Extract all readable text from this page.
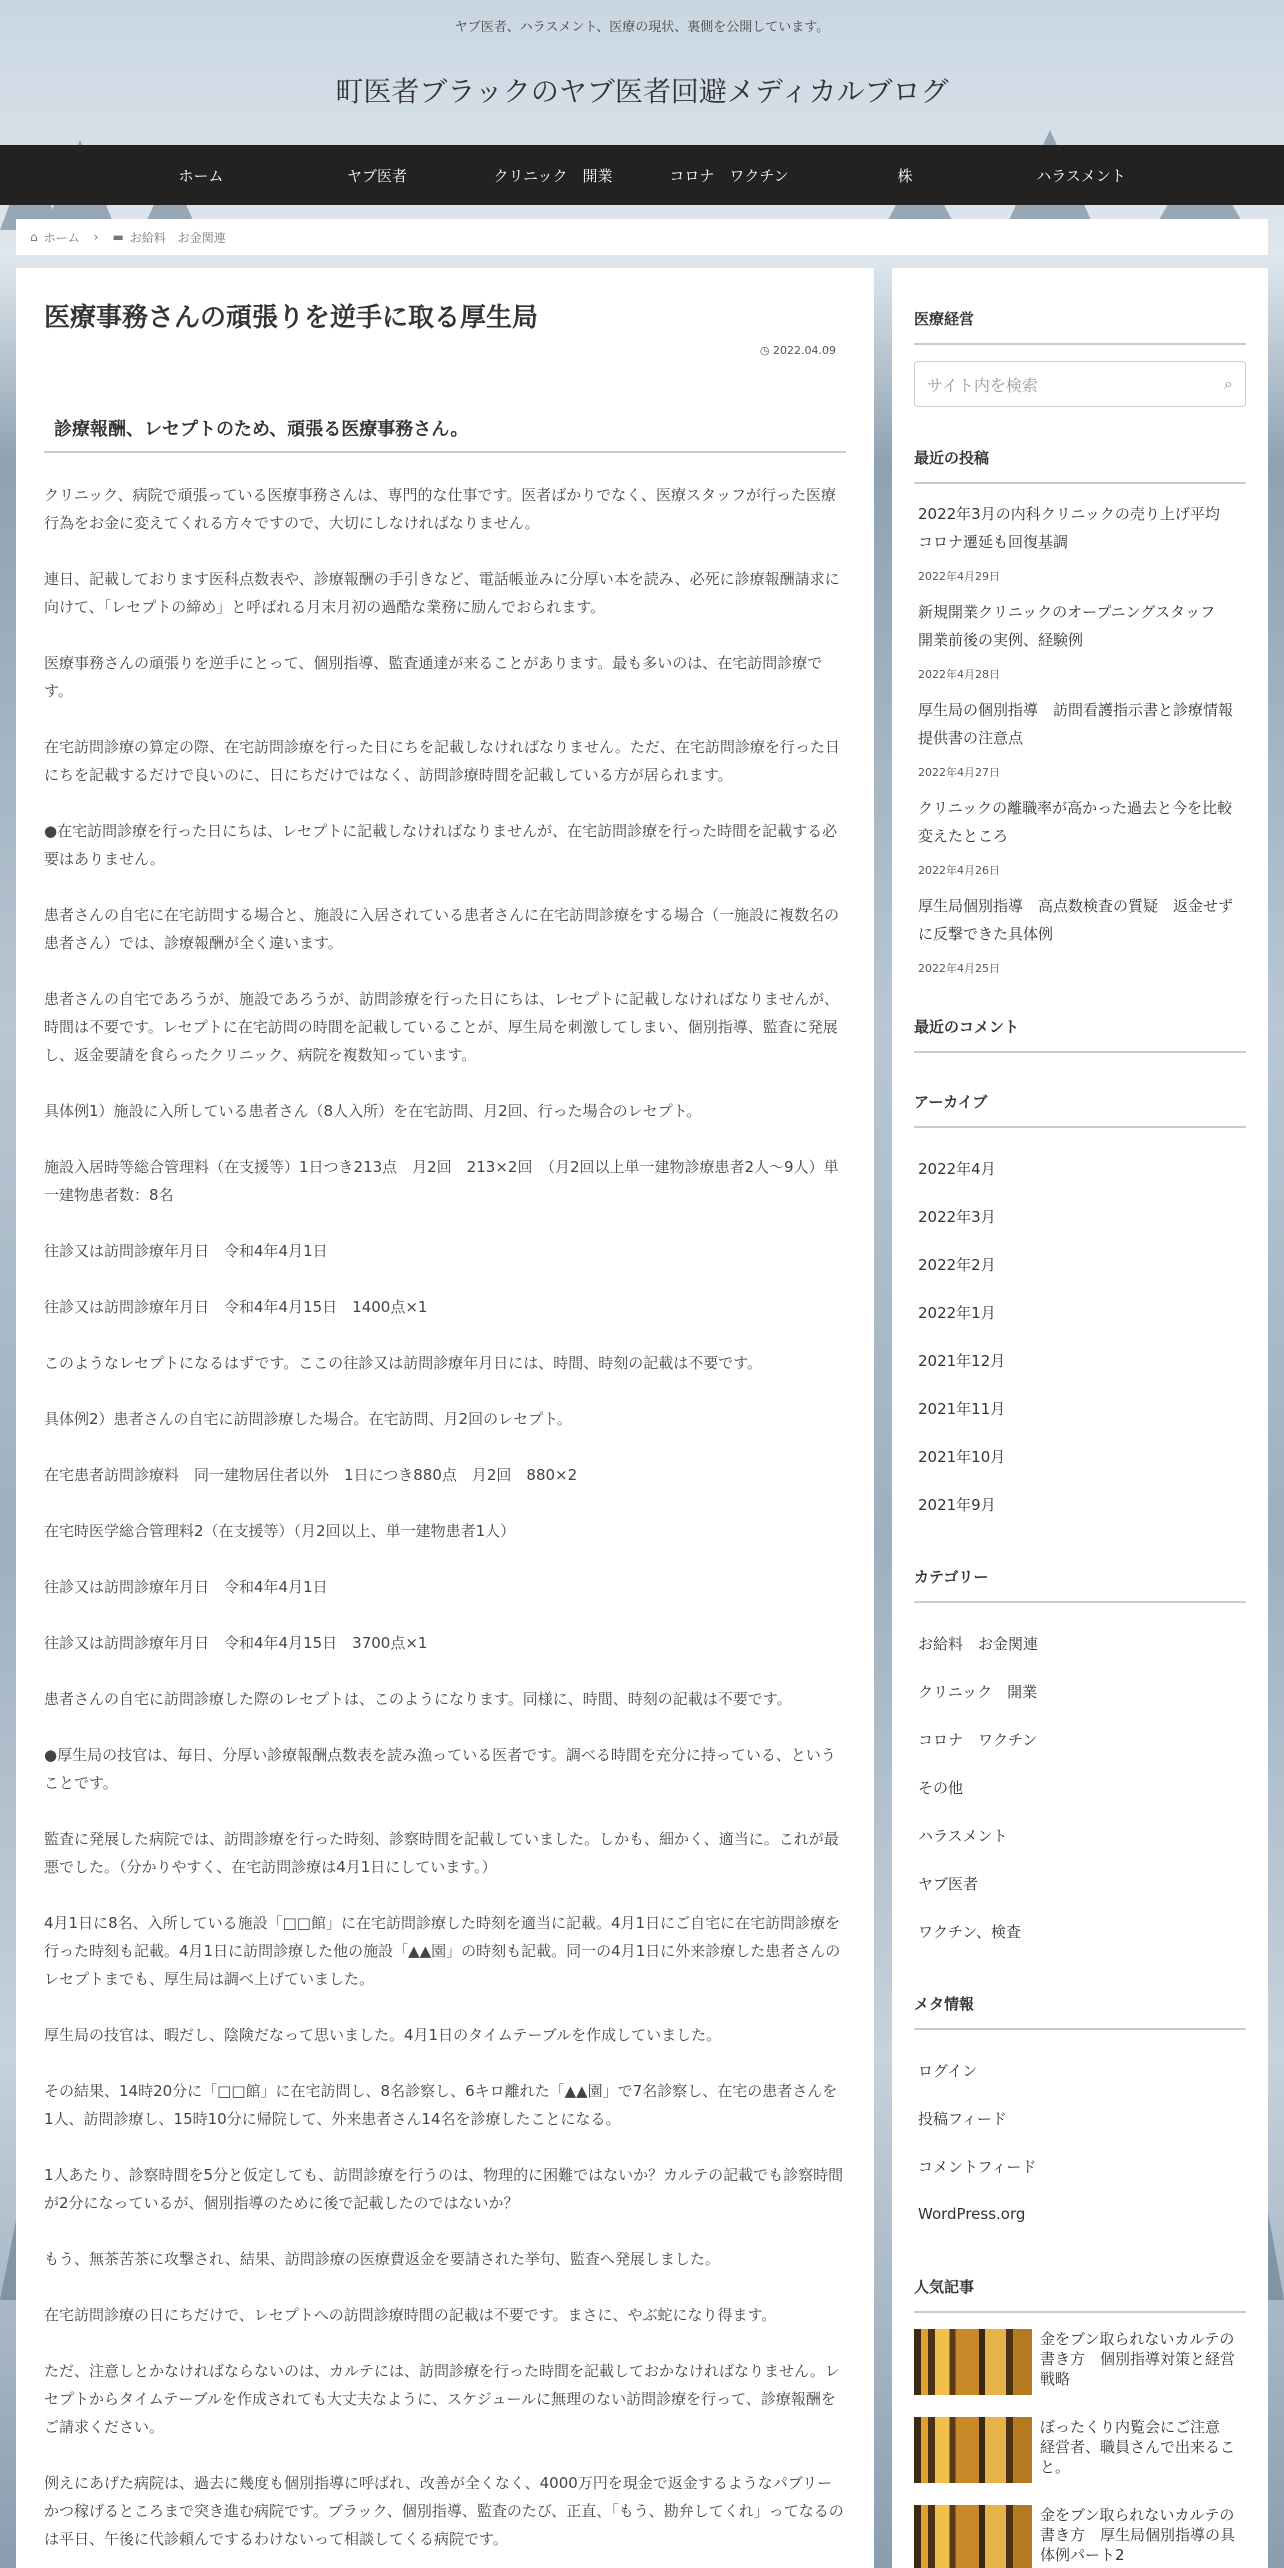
ヤブ医者、ハラスメント、医療の現状、裏側を公開しています。
町医者ブラックのヤブ医者回避メディカルブログ
ホーム	ヤブ医者	クリニック　開業	コロナ　ワクチン	株	ハラスメント
⌂ ホーム › ▬ お給料　お金関連
医療事務さんの頑張りを逆手に取る厚生局
◷ 2022.04.09
診療報酬、レセプトのため、頑張る医療事務さん。

クリニック、病院で頑張っている医療事務さんは、専門的な仕事です。医者ばかりでなく、医療スタッフが行った医療行為をお金に変えてくれる方々ですので、大切にしなければなりません。

連日、記載しております医科点数表や、診療報酬の手引きなど、電話帳並みに分厚い本を読み、必死に診療報酬請求に向けて、「レセプトの締め」と呼ばれる月末月初の過酷な業務に励んでおられます。

医療事務さんの頑張りを逆手にとって、個別指導、監査通達が来ることがあります。最も多いのは、在宅訪問診療です。

在宅訪問診療の算定の際、在宅訪問診療を行った日にちを記載しなければなりません。ただ、在宅訪問診療を行った日にちを記載するだけで良いのに、日にちだけではなく、訪問診療時間を記載している方が居られます。

●在宅訪問診療を行った日にちは、レセプトに記載しなければなりませんが、在宅訪問診療を行った時間を記載する必要はありません。

患者さんの自宅に在宅訪問する場合と、施設に入居されている患者さんに在宅訪問診療をする場合（一施設に複数名の患者さん）では、診療報酬が全く違います。

患者さんの自宅であろうが、施設であろうが、訪問診療を行った日にちは、レセプトに記載しなければなりませんが、時間は不要です。レセプトに在宅訪問の時間を記載していることが、厚生局を刺激してしまい、個別指導、監査に発展し、返金要請を食らったクリニック、病院を複数知っています。

具体例1）施設に入所している患者さん（8人入所）を在宅訪問、月2回、行った場合のレセプト。

施設入居時等総合管理料（在支援等）1日つき213点　月2回　213×2回　（月2回以上単一建物診療患者2人〜9人）単一建物患者数：8名

往診又は訪問診療年月日　令和4年4月1日

往診又は訪問診療年月日　令和4年4月15日　1400点×1

このようなレセプトになるはずです。ここの往診又は訪問診療年月日には、時間、時刻の記載は不要です。

具体例2）患者さんの自宅に訪問診療した場合。在宅訪問、月2回のレセプト。

在宅患者訪問診療料　同一建物居住者以外　1日につき880点　月2回　880×2

在宅時医学総合管理料2（在支援等）（月2回以上、単一建物患者1人）

往診又は訪問診療年月日　令和4年4月1日

往診又は訪問診療年月日　令和4年4月15日　3700点×1

患者さんの自宅に訪問診療した際のレセプトは、このようになります。同様に、時間、時刻の記載は不要です。

●厚生局の技官は、毎日、分厚い診療報酬点数表を読み漁っている医者です。調べる時間を充分に持っている、ということです。

監査に発展した病院では、訪問診療を行った時刻、診察時間を記載していました。しかも、細かく、適当に。これが最悪でした。（分かりやすく、在宅訪問診療は4月1日にしています。）

4月1日に8名、入所している施設「□□館」に在宅訪問診療した時刻を適当に記載。4月1日にご自宅に在宅訪問診療を行った時刻も記載。4月1日に訪問診療した他の施設「▲▲園」の時刻も記載。同一の4月1日に外来診療した患者さんのレセプトまでも、厚生局は調べ上げていました。

厚生局の技官は、暇だし、陰険だなって思いました。4月1日のタイムテーブルを作成していました。

その結果、14時20分に「□□館」に在宅訪問し、8名診察し、6キロ離れた「▲▲園」で7名診察し、在宅の患者さんを1人、訪問診療し、15時10分に帰院して、外来患者さん14名を診療したことになる。

1人あたり、診察時間を5分と仮定しても、訪問診療を行うのは、物理的に困難ではないか？カルテの記載でも診察時間が2分になっているが、個別指導のために後で記載したのではないか？

もう、無茶苦茶に攻撃され、結果、訪問診療の医療費返金を要請された挙句、監査へ発展しました。

在宅訪問診療の日にちだけで、レセプトへの訪問診療時間の記載は不要です。まさに、やぶ蛇になり得ます。

ただ、注意しとかなければならないのは、カルテには、訪問診療を行った時間を記載しておかなければなりません。レセプトからタイムテーブルを作成されても大丈夫なように、スケジュールに無理のない訪問診療を行って、診療報酬をご請求ください。

例えにあげた病院は、過去に幾度も個別指導に呼ばれ、改善が全くなく、4000万円を現金で返金するようなパブリーかつ稼げるところまで突き進む病院です。ブラック、個別指導、監査のたび、正直、「もう、勘弁してくれ」ってなるのは平日、午後に代診頼んでするわけないって相談してくる病院です。

医療経営
サイト内を検索	⌕
最近の投稿
2022年3月の内科クリニックの売り上げ平均　コロナ遷延も回復基調
2022年4月29日
新規開業クリニックのオープニングスタッフ　開業前後の実例、経験例
2022年4月28日
厚生局の個別指導　訪問看護指示書と診療情報提供書の注意点
2022年4月27日
クリニックの離職率が高かった過去と今を比較　変えたところ
2022年4月26日
厚生局個別指導　高点数検査の質疑　返金せずに反撃できた具体例
2022年4月25日
最近のコメント
アーカイブ
2022年4月
2022年3月
2022年2月
2022年1月
2021年12月
2021年11月
2021年10月
2021年9月
カテゴリー
お給料　お金関連
クリニック　開業
コロナ　ワクチン
その他
ハラスメント
ヤブ医者
ワクチン、検査
メタ情報
ログイン
投稿フィード
コメントフィード
WordPress.org
人気記事
金をブン取られないカルテの書き方　個別指導対策と経営戦略
ぼったくり内覧会にご注意　経営者、職員さんで出来ること。
金をブン取られないカルテの書き方　厚生局個別指導の具体例パート2
